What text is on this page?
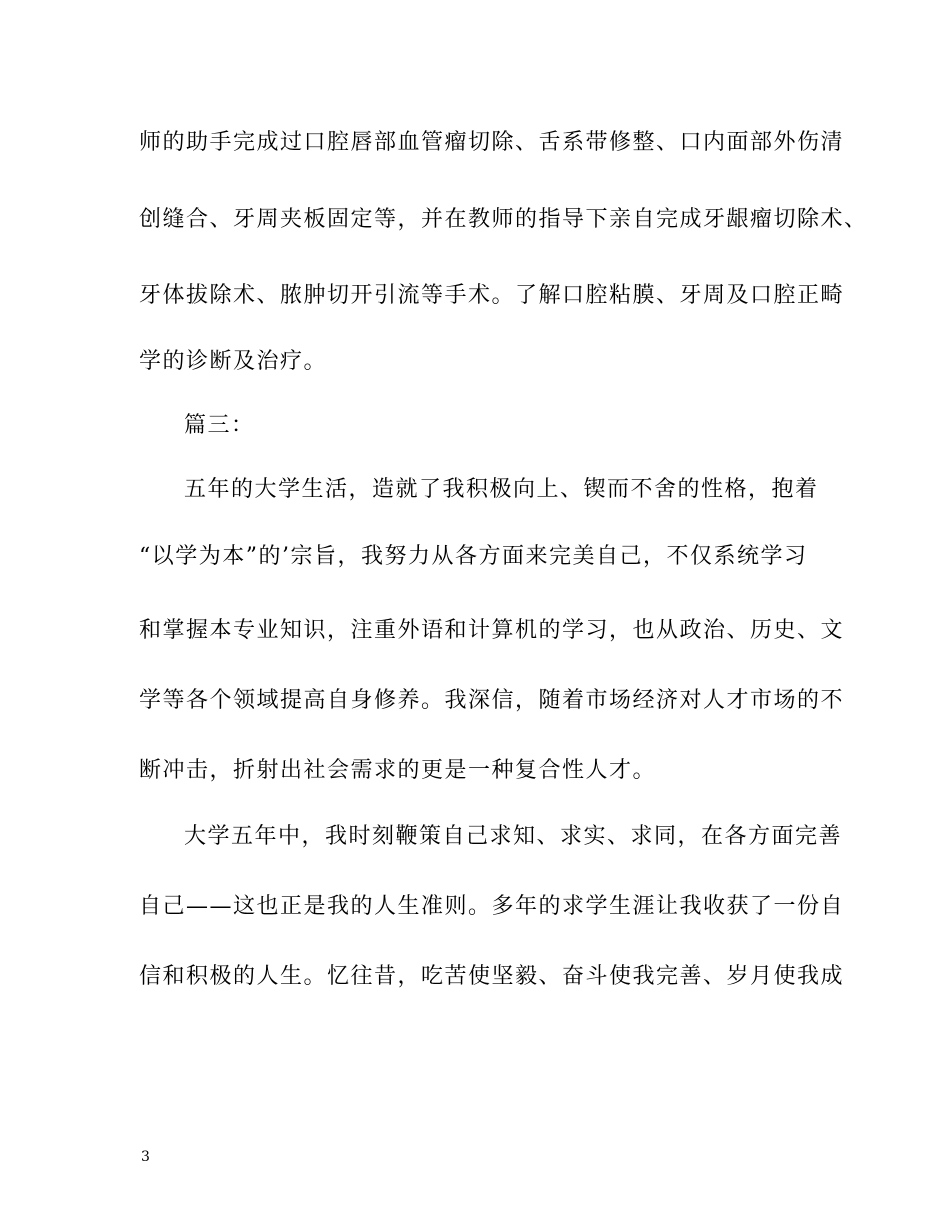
师的助手完成过口腔唇部血管瘤切除、舌系带修整、口内面部外伤清
创缝合、牙周夹板固定等，并在教师的指导下亲自完成牙龈瘤切除术、
牙体拔除术、脓肿切开引流等手术。了解口腔粘膜、牙周及口腔正畸
学的诊断及治疗。
篇三：
五年的大学生活，造就了我积极向上、锲而不舍的性格，抱着
“以学为本”的’宗旨，我努力从各方面来完美自己，不仅系统学习
和掌握本专业知识，注重外语和计算机的学习，也从政治、历史、文
学等各个领域提高自身修养。我深信，随着市场经济对人才市场的不
断冲击，折射出社会需求的更是一种复合性人才。
大学五年中，我时刻鞭策自己求知、求实、求同，在各方面完善
自己——这也正是我的人生准则。多年的求学生涯让我收获了一份自
信和积极的人生。忆往昔，吃苦使坚毅、奋斗使我完善、岁月使我成
3
